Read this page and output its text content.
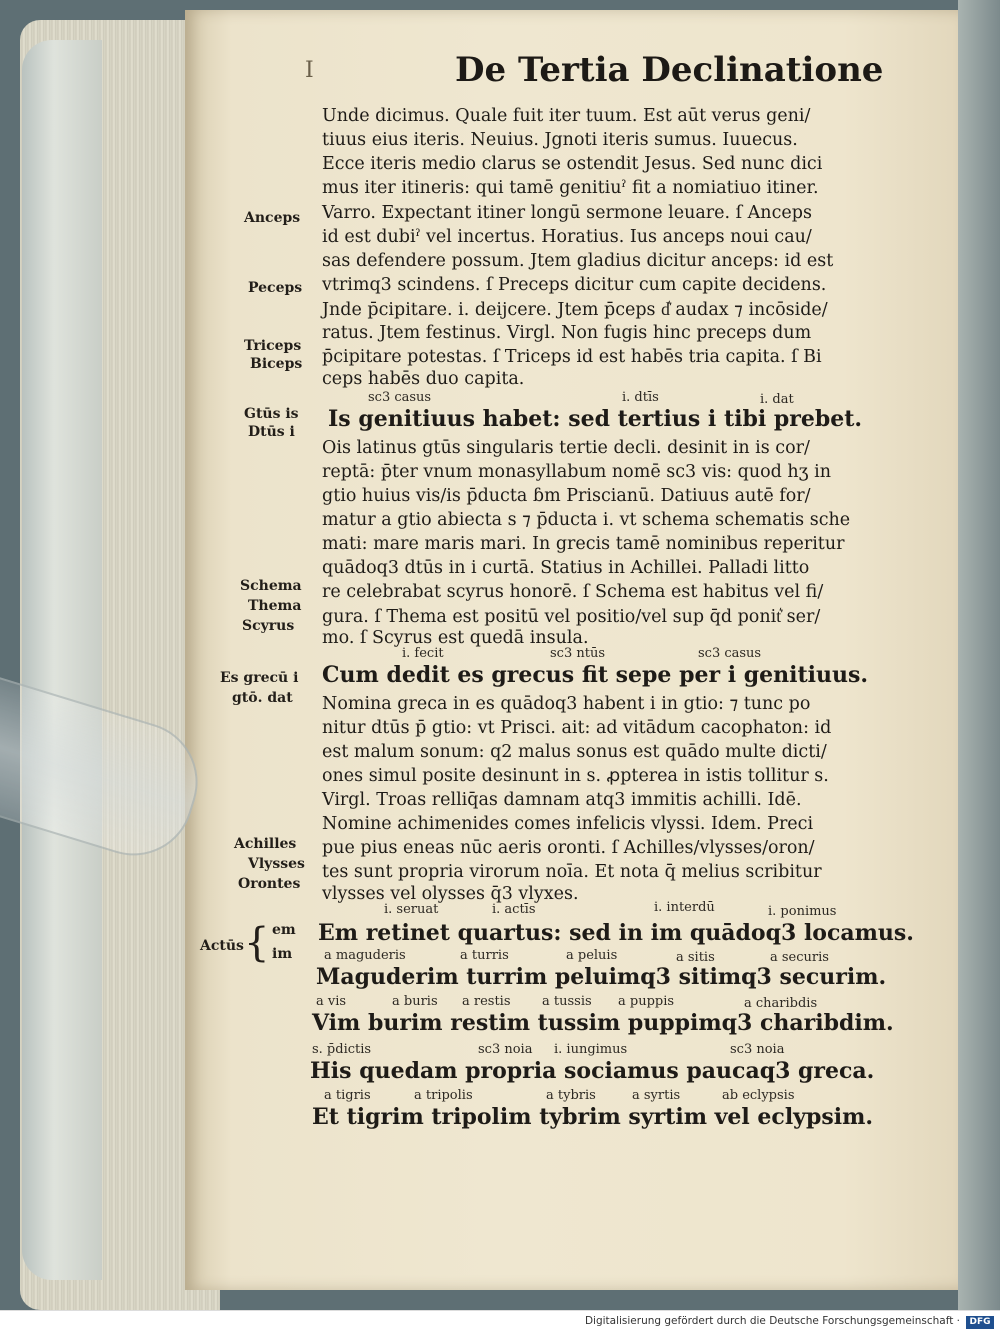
I	De Tertia Declinatione
Unde dicimus. Quale fuit iter tuum. Est aūt verus geni/
tiuus eius iteris. Neuius. Jgnoti iteris sumus. Iuuecus.
Ecce iteris medio clarus se ostendit Jesus. Sed nunc dici
mus iter itineris: qui tamē genitiuˀ fit a nomiatiuo itiner.
Varro. Expectant itiner longū sermone leuare. ſ Anceps
id est dubiˀ vel incertus. Horatius. Ius anceps noui cau/
sas defendere possum. Jtem gladius dicitur anceps: id est
vtrimq3 scindens. ſ Preceps dicitur cum capite decidens.
Jnde p̄cipitare. i. deijcere. Jtem p̄ceps d͛ audax ⁊ incōside/
ratus. Jtem festinus. Virgl. Non fugis hinc preceps dum
p̄cipitare potestas. ſ Triceps id est habēs tria capita. ſ Bi
ceps habēs duo capita.
Anceps
Peceps
Triceps
Biceps
sc3 casus	i. dtīs	i. dat
Is genitiuus habet: sed tertius i tibi prebet.
Gtūs is
Dtūs i
Ois latinus gtūs singularis tertie decli. desinit in is cor/
reptā: p̄ter vnum monasyllabum nomē sc3 vis: quod hʒ in
gtio huius vis/is p̄ducta ɓm Priscianū. Datiuus autē for/
matur a gtio abiecta s ⁊ p̄ducta i. vt schema schematis sche
mati: mare maris mari. In grecis tamē nominibus reperitur
quādoq3 dtūs in i curtā. Statius in Achillei. Palladi litto
re celebrabat scyrus honorē. ſ Schema est habitus vel fi/
gura. ſ Thema est positū vel positio/vel sup q̄d ponit͛ ser/
mo. ſ Scyrus est quedā insula.
Schema
Thema
Scyrus
i. fecit	sc3 ntūs	sc3 casus
Cum dedit es grecus fit sepe per i genitiuus.
Es grecū i
gtō. dat Nomina greca in es quādoq3 habent i in gtio: ⁊ tunc po
nitur dtūs p̄ gtio: vt Prisci. ait: ad vitādum cacophaton: id
est malum sonum: q2 malus sonus est quādo multe dicti/
ones simul posite desinunt in s. ꝓpterea in istis tollitur s.
Virgl. Troas relliq̄as damnam atq3 immitis achilli. Idē.
Nomine achimenides comes infelicis vlyssi. Idem. Preci
pue pius eneas nūc aeris oronti. ſ Achilles/vlysses/oron/
tes sunt propria virorum noīa. Et nota q̄ melius scribitur
vlysses vel olysses q̄3 vlyxes.
Achilles
Vlysses
Orontes
i. seruat	i. actīs	i. interdū	i. ponimus
Em retinet quartus: sed in im quādoq3 locamus.
Actūs { em
im a maguderis	a turris	a peluis	a sitis	a securis
Maguderim turrim peluimq3 sitimq3 securim.
a vis	a buris a restis a tussis a puppis	a charibdis
Vim burim restim tussim puppimq3 charibdim.
s. p̄dictis	sc3 noia i. iungimus	sc3 noia
His quedam propria sociamus paucaq3 greca.
a tigris	a tripolis	a tybris	a syrtis	ab eclypsis
Et tigrim tripolim tybrim syrtim vel eclypsim.
Digitalisierung gefördert durch die Deutsche Forschungsgemeinschaft ·	DFG
